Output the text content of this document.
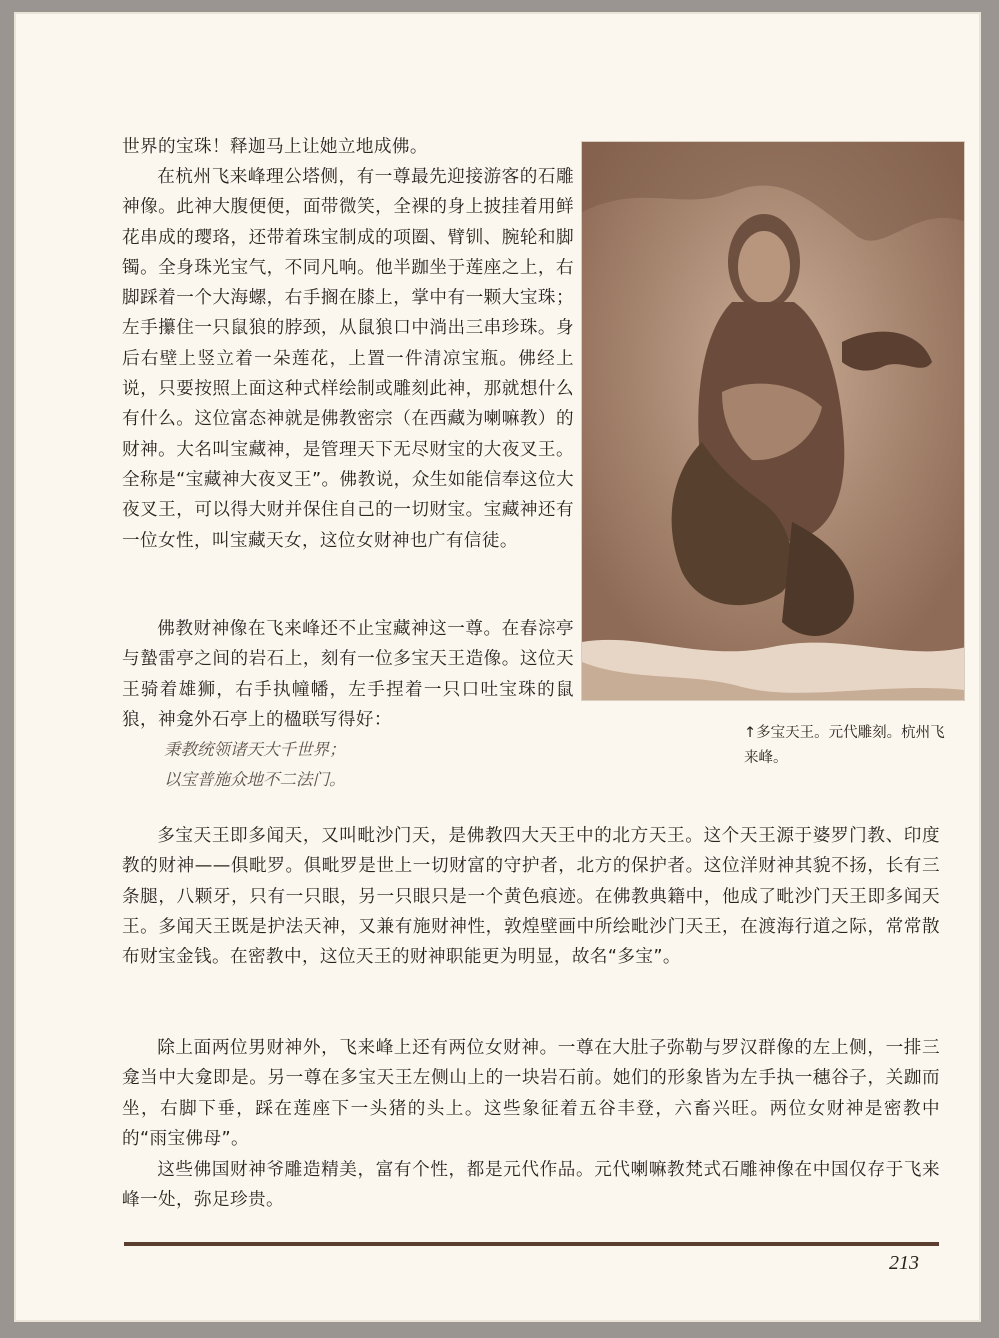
世界的宝珠！释迦马上让她立地成佛。

在杭州飞来峰理公塔侧，有一尊最先迎接游客的石雕神像。此神大腹便便，面带微笑，全裸的身上披挂着用鲜花串成的璎珞，还带着珠宝制成的项圈、臂钏、腕轮和脚镯。全身珠光宝气，不同凡响。他半跏坐于莲座之上，右脚踩着一个大海螺，右手搁在膝上，掌中有一颗大宝珠；左手攥住一只鼠狼的脖颈，从鼠狼口中淌出三串珍珠。身后右壁上竖立着一朵莲花，上置一件清凉宝瓶。佛经上说，只要按照上面这种式样绘制或雕刻此神，那就想什么有什么。这位富态神就是佛教密宗（在西藏为喇嘛教）的财神。大名叫宝藏神，是管理天下无尽财宝的大夜叉王。全称是“宝藏神大夜叉王”。佛教说，众生如能信奉这位大夜叉王，可以得大财并保住自己的一切财宝。宝藏神还有一位女性，叫宝藏天女，这位女财神也广有信徒。

佛教财神像在飞来峰还不止宝藏神这一尊。在春淙亭与蟄雷亭之间的岩石上，刻有一位多宝天王造像。这位天王骑着雄狮，右手执幢幡，左手捏着一只口吐宝珠的鼠狼，神龛外石亭上的楹联写得好：

↑多宝天王。元代雕刻。杭州飞来峰。

秉教统领诸天大千世界；

以宝普施众地不二法门。

多宝天王即多闻天，又叫毗沙门天，是佛教四大天王中的北方天王。这个天王源于婆罗门教、印度教的财神——俱毗罗。俱毗罗是世上一切财富的守护者，北方的保护者。这位洋财神其貌不扬，长有三条腿，八颗牙，只有一只眼，另一只眼只是一个黄色痕迹。在佛教典籍中，他成了毗沙门天王即多闻天王。多闻天王既是护法天神，又兼有施财神性，敦煌壁画中所绘毗沙门天王，在渡海行道之际，常常散布财宝金钱。在密教中，这位天王的财神职能更为明显，故名“多宝”。

除上面两位男财神外，飞来峰上还有两位女财神。一尊在大肚子弥勒与罗汉群像的左上侧，一排三龛当中大龛即是。另一尊在多宝天王左侧山上的一块岩石前。她们的形象皆为左手执一穗谷子，关跏而坐，右脚下垂，踩在莲座下一头猪的头上。这些象征着五谷丰登，六畜兴旺。两位女财神是密教中的“雨宝佛母”。

这些佛国财神爷雕造精美，富有个性，都是元代作品。元代喇嘛教梵式石雕神像在中国仅存于飞来峰一处，弥足珍贵。

213
